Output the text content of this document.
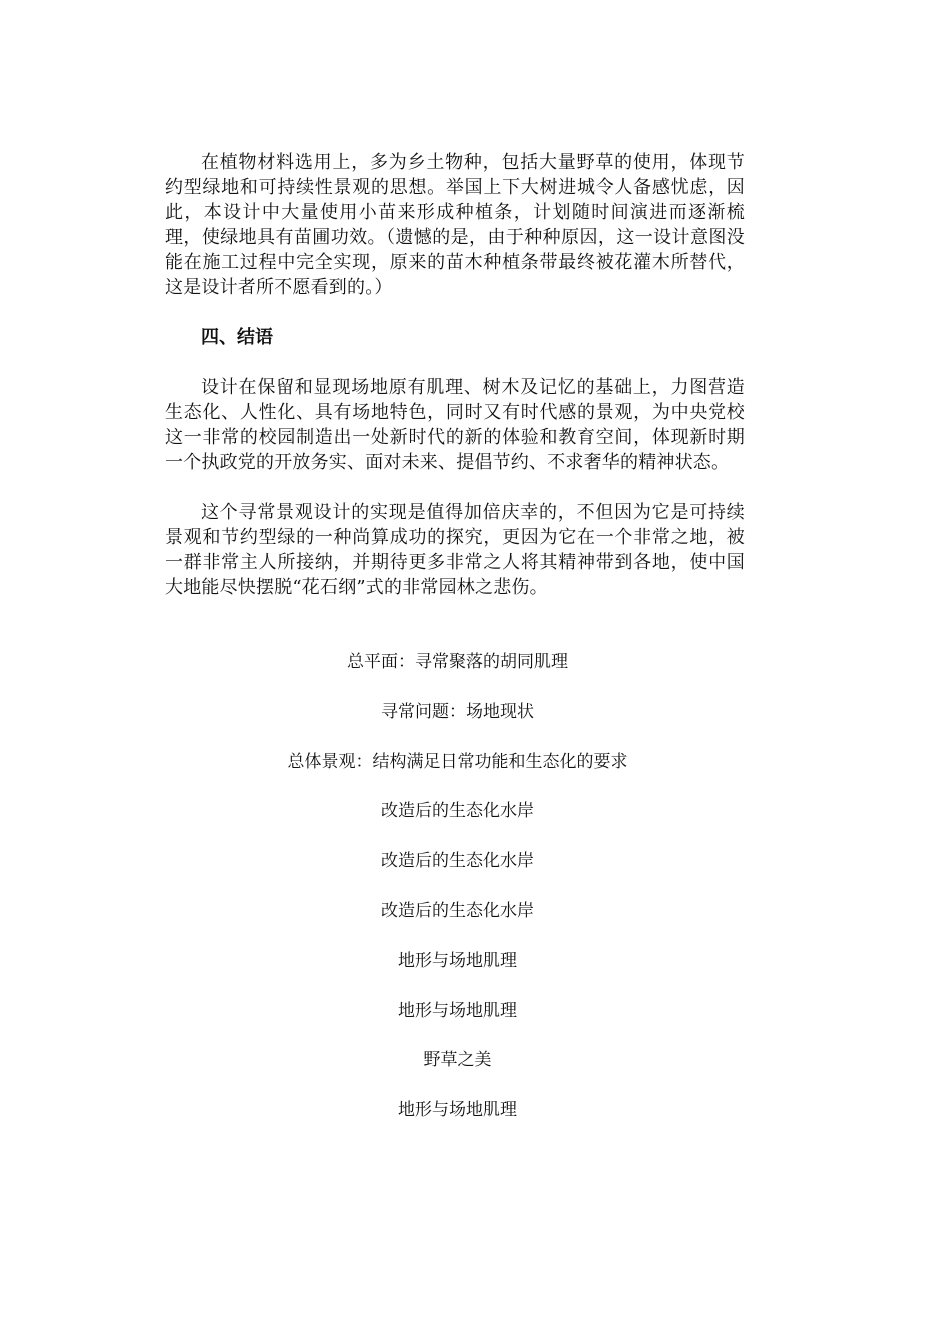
在植物材料选用上，多为乡土物种，包括大量野草的使用，体现节约型绿地和可持续性景观的思想。举国上下大树进城令人备感忧虑，因此，本设计中大量使用小苗来形成种植条，计划随时间演进而逐渐梳理，使绿地具有苗圃功效。（遗憾的是，由于种种原因，这一设计意图没能在施工过程中完全实现，原来的苗木种植条带最终被花灌木所替代，这是设计者所不愿看到的。）

四、结语

设计在保留和显现场地原有肌理、树木及记忆的基础上，力图营造生态化、人性化、具有场地特色，同时又有时代感的景观，为中央党校这一非常的校园制造出一处新时代的新的体验和教育空间，体现新时期一个执政党的开放务实、面对未来、提倡节约、不求奢华的精神状态。

这个寻常景观设计的实现是值得加倍庆幸的，不但因为它是可持续景观和节约型绿的一种尚算成功的探究，更因为它在一个非常之地，被一群非常主人所接纳，并期待更多非常之人将其精神带到各地，使中国大地能尽快摆脱“花石纲”式的非常园林之悲伤。

总平面：寻常聚落的胡同肌理

寻常问题：场地现状

总体景观：结构满足日常功能和生态化的要求

改造后的生态化水岸

改造后的生态化水岸

改造后的生态化水岸

地形与场地肌理

地形与场地肌理

野草之美

地形与场地肌理
